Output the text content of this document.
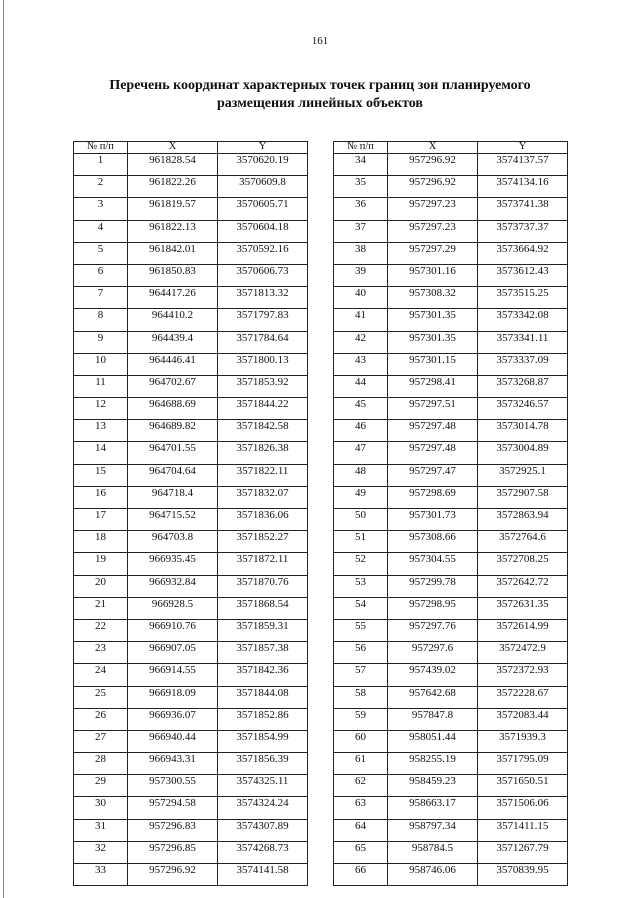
161
Перечень координат характерных точек границ зон планируемого
размещения линейных объектов
№ п/п	X	Y
1	961828.54	3570620.19
2	961822.26	3570609.8
3	961819.57	3570605.71
4	961822.13	3570604.18
5	961842.01	3570592.16
6	961850.83	3570606.73
7	964417.26	3571813.32
8	964410.2	3571797.83
9	964439.4	3571784.64
10	964446.41	3571800.13
11	964702.67	3571853.92
12	964688.69	3571844.22
13	964689.82	3571842.58
14	964701.55	3571826.38
15	964704.64	3571822.11
16	964718.4	3571832.07
17	964715.52	3571836.06
18	964703.8	3571852.27
19	966935.45	3571872.11
20	966932.84	3571870.76
21	966928.5	3571868.54
22	966910.76	3571859.31
23	966907.05	3571857.38
24	966914.55	3571842.36
25	966918.09	3571844.08
26	966936.07	3571852.86
27	966940.44	3571854.99
28	966943.31	3571856.39
29	957300.55	3574325.11
30	957294.58	3574324.24
31	957296.83	3574307.89
32	957296.85	3574268.73
33	957296.92	3574141.58
№ п/п	X	Y
34	957296.92	3574137.57
35	957296.92	3574134.16
36	957297.23	3573741.38
37	957297.23	3573737.37
38	957297.29	3573664.92
39	957301.16	3573612.43
40	957308.32	3573515.25
41	957301.35	3573342.08
42	957301.35	3573341.11
43	957301.15	3573337.09
44	957298.41	3573268.87
45	957297.51	3573246.57
46	957297.48	3573014.78
47	957297.48	3573004.89
48	957297.47	3572925.1
49	957298.69	3572907.58
50	957301.73	3572863.94
51	957308.66	3572764.6
52	957304.55	3572708.25
53	957299.78	3572642.72
54	957298.95	3572631.35
55	957297.76	3572614.99
56	957297.6	3572472.9
57	957439.02	3572372.93
58	957642.68	3572228.67
59	957847.8	3572083.44
60	958051.44	3571939.3
61	958255.19	3571795.09
62	958459.23	3571650.51
63	958663.17	3571506.06
64	958797.34	3571411.15
65	958784.5	3571267.79
66	958746.06	3570839.95
